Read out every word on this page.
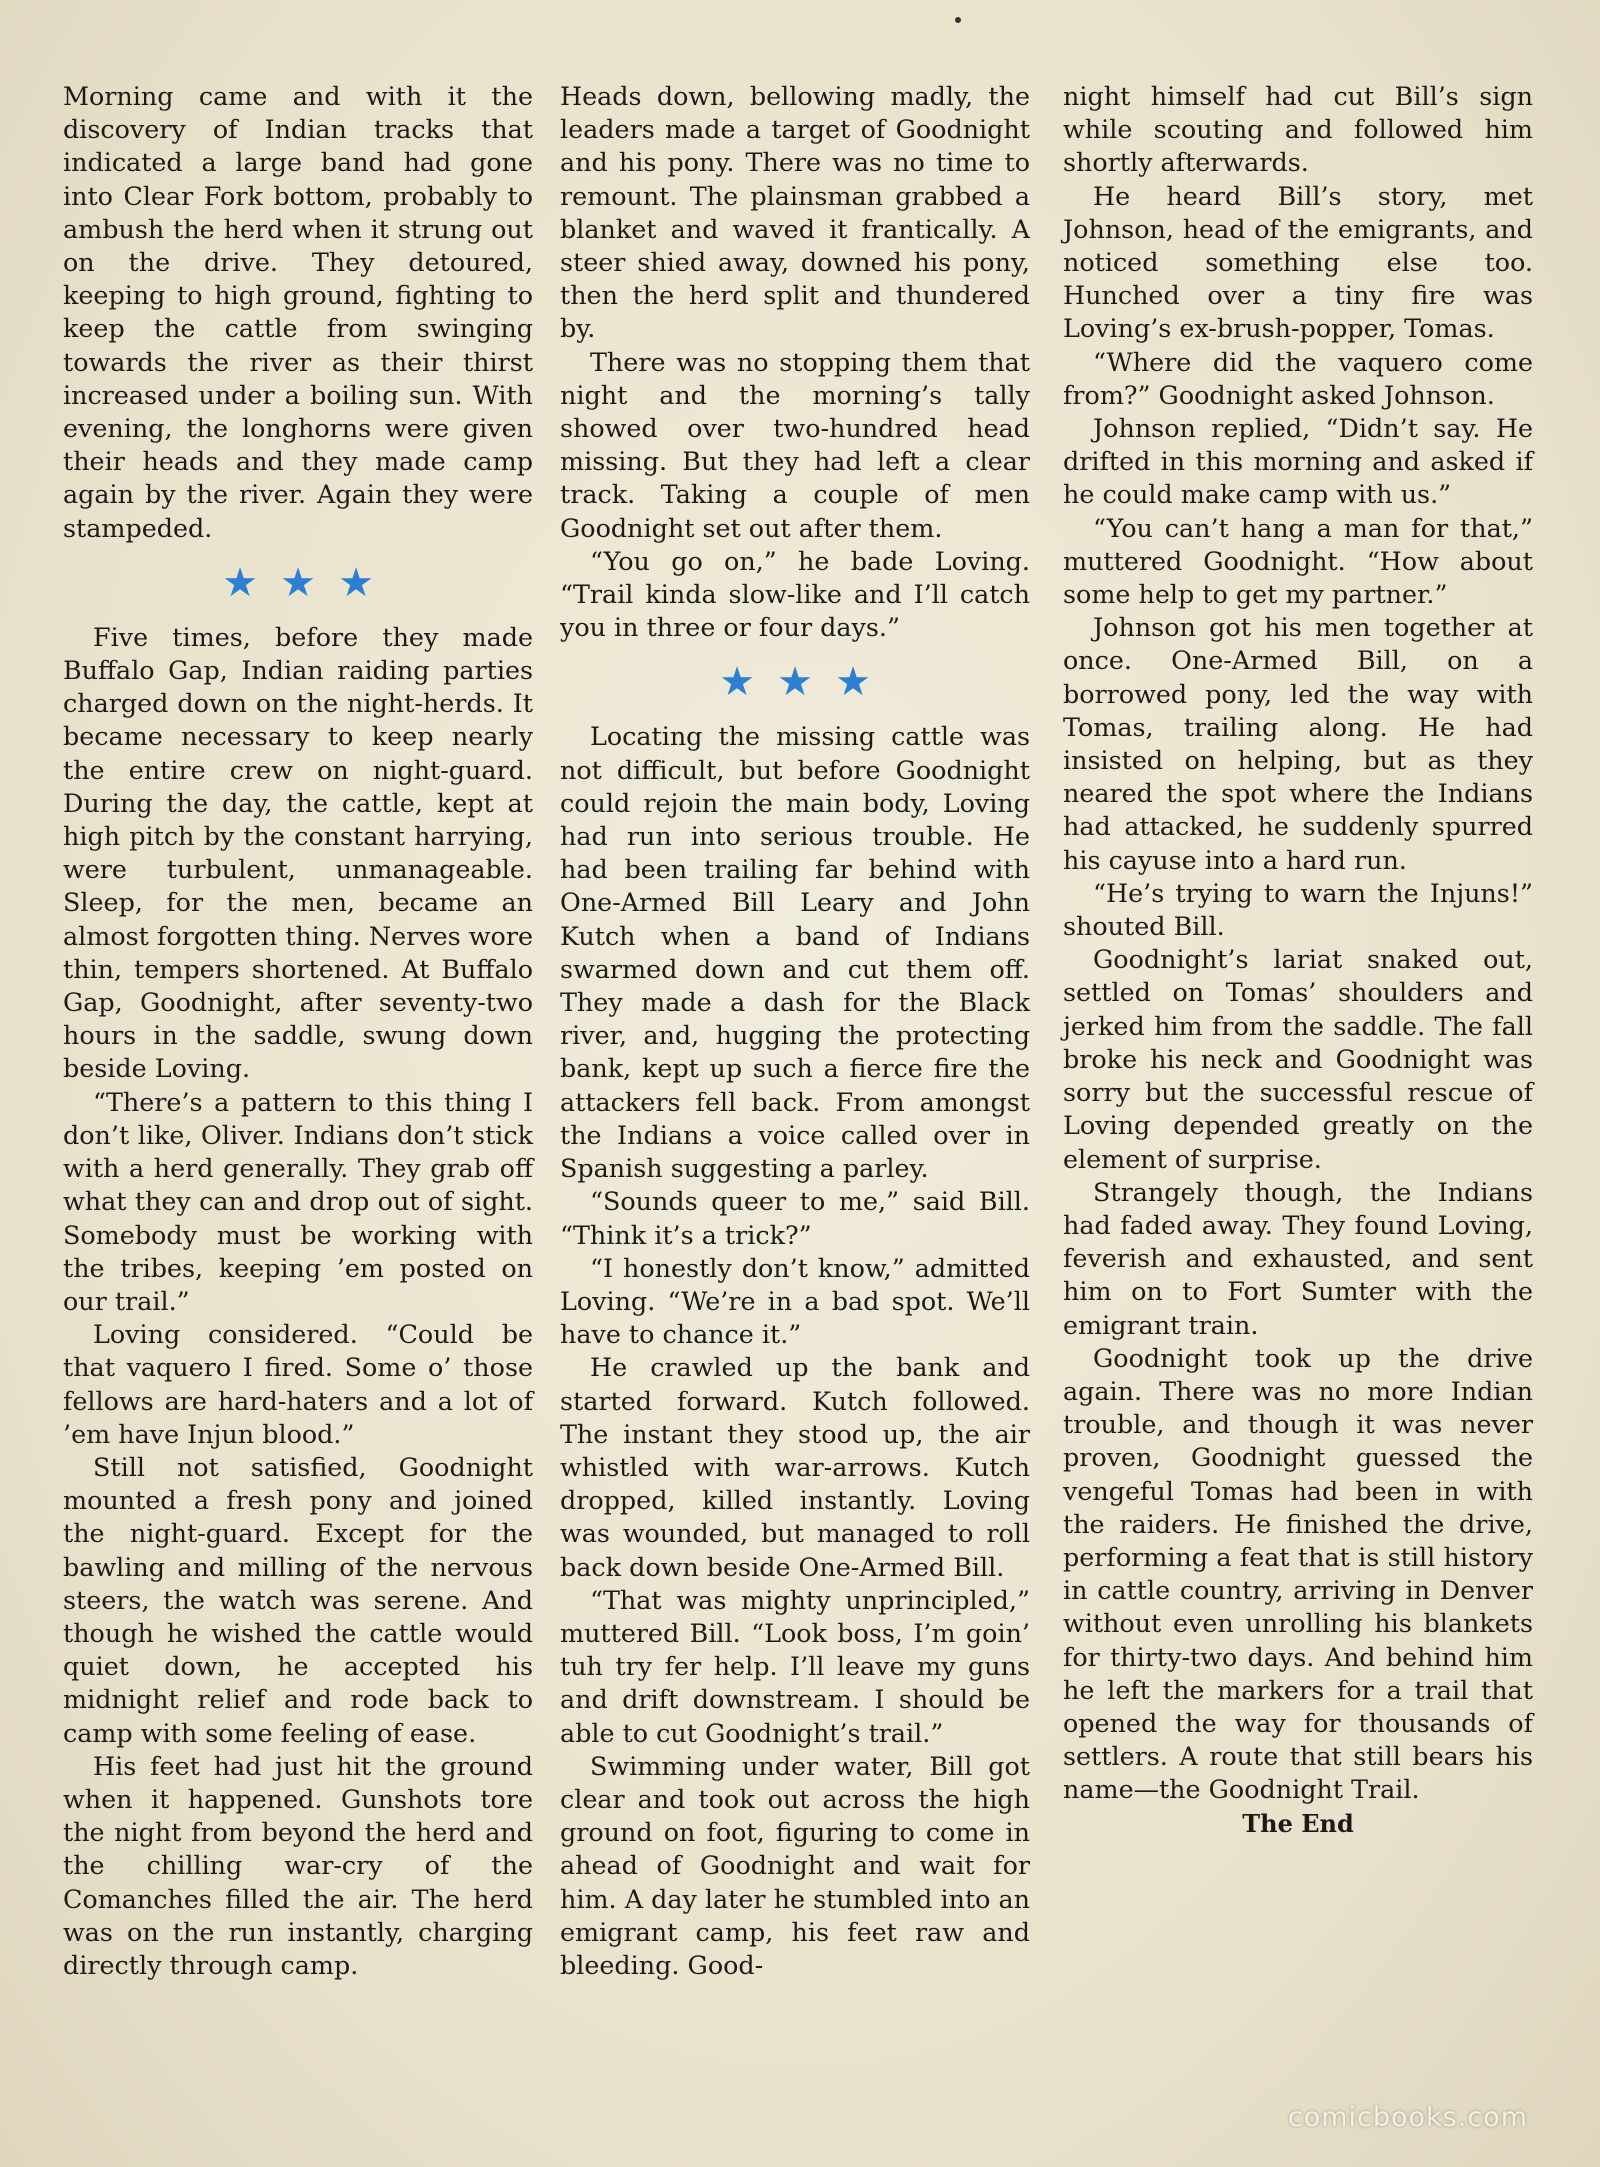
Morning came and with it the discovery of Indian tracks that indicated a large band had gone into Clear Fork bottom, probably to ambush the herd when it strung out on the drive. They detoured, keeping to high ground, fighting to keep the cattle from swinging towards the river as their thirst increased under a boiling sun. With evening, the longhorns were given their heads and they made camp again by the river. Again they were stampeded.

★ ★ ★

Five times, before they made Buffalo Gap, Indian raiding parties charged down on the night-herds. It became necessary to keep nearly the entire crew on night-guard. During the day, the cattle, kept at high pitch by the constant harrying, were turbulent, unmanageable. Sleep, for the men, became an almost forgotten thing. Nerves wore thin, tempers shortened. At Buffalo Gap, Goodnight, after seventy-two hours in the saddle, swung down beside Loving.

“There’s a pattern to this thing I don’t like, Oliver. Indians don’t stick with a herd generally. They grab off what they can and drop out of sight. Somebody must be working with the tribes, keeping ’em posted on our trail.”

Loving considered. “Could be that vaquero I fired. Some o’ those fellows are hard-haters and a lot of ’em have Injun blood.”

Still not satisfied, Goodnight mounted a fresh pony and joined the night-guard. Except for the bawling and milling of the nervous steers, the watch was serene. And though he wished the cattle would quiet down, he accepted his midnight relief and rode back to camp with some feeling of ease.

His feet had just hit the ground when it happened. Gunshots tore the night from beyond the herd and the chilling war-cry of the Comanches filled the air. The herd was on the run instantly, charging directly through camp.

Heads down, bellowing madly, the leaders made a target of Goodnight and his pony. There was no time to remount. The plainsman grabbed a blanket and waved it frantically. A steer shied away, downed his pony, then the herd split and thundered by.

There was no stopping them that night and the morning’s tally showed over two-hundred head missing. But they had left a clear track. Taking a couple of men Goodnight set out after them.

“You go on,” he bade Loving. “Trail kinda slow-like and I’ll catch you in three or four days.”

★ ★ ★

Locating the missing cattle was not difficult, but before Goodnight could rejoin the main body, Loving had run into serious trouble. He had been trailing far behind with One-Armed Bill Leary and John Kutch when a band of Indians swarmed down and cut them off. They made a dash for the Black river, and, hugging the protecting bank, kept up such a fierce fire the attackers fell back. From amongst the Indians a voice called over in Spanish suggesting a parley.

“Sounds queer to me,” said Bill. “Think it’s a trick?”

“I honestly don’t know,” admitted Loving. “We’re in a bad spot. We’ll have to chance it.”

He crawled up the bank and started forward. Kutch followed. The instant they stood up, the air whistled with war-arrows. Kutch dropped, killed instantly. Loving was wounded, but managed to roll back down beside One-Armed Bill.

“That was mighty unprincipled,” muttered Bill. “Look boss, I’m goin’ tuh try fer help. I’ll leave my guns and drift downstream. I should be able to cut Goodnight’s trail.”

Swimming under water, Bill got clear and took out across the high ground on foot, figuring to come in ahead of Goodnight and wait for him. A day later he stumbled into an emigrant camp, his feet raw and bleeding. Good-

night himself had cut Bill’s sign while scouting and followed him shortly afterwards.

He heard Bill’s story, met Johnson, head of the emigrants, and noticed something else too. Hunched over a tiny fire was Loving’s ex-brush-popper, Tomas.

“Where did the vaquero come from?” Goodnight asked Johnson.

Johnson replied, “Didn’t say. He drifted in this morning and asked if he could make camp with us.”

“You can’t hang a man for that,” muttered Goodnight. “How about some help to get my partner.”

Johnson got his men together at once. One-Armed Bill, on a borrowed pony, led the way with Tomas, trailing along. He had insisted on helping, but as they neared the spot where the Indians had attacked, he suddenly spurred his cayuse into a hard run.

“He’s trying to warn the Injuns!” shouted Bill.

Goodnight’s lariat snaked out, settled on Tomas’ shoulders and jerked him from the saddle. The fall broke his neck and Goodnight was sorry but the successful rescue of Loving depended greatly on the element of surprise.

Strangely though, the Indians had faded away. They found Loving, feverish and exhausted, and sent him on to Fort Sumter with the emigrant train.

Goodnight took up the drive again. There was no more Indian trouble, and though it was never proven, Goodnight guessed the vengeful Tomas had been in with the raiders. He finished the drive, performing a feat that is still history in cattle country, arriving in Denver without even unrolling his blankets for thirty-two days. And behind him he left the markers for a trail that opened the way for thousands of settlers. A route that still bears his name—the Goodnight Trail.

The End

comicbooks.com
